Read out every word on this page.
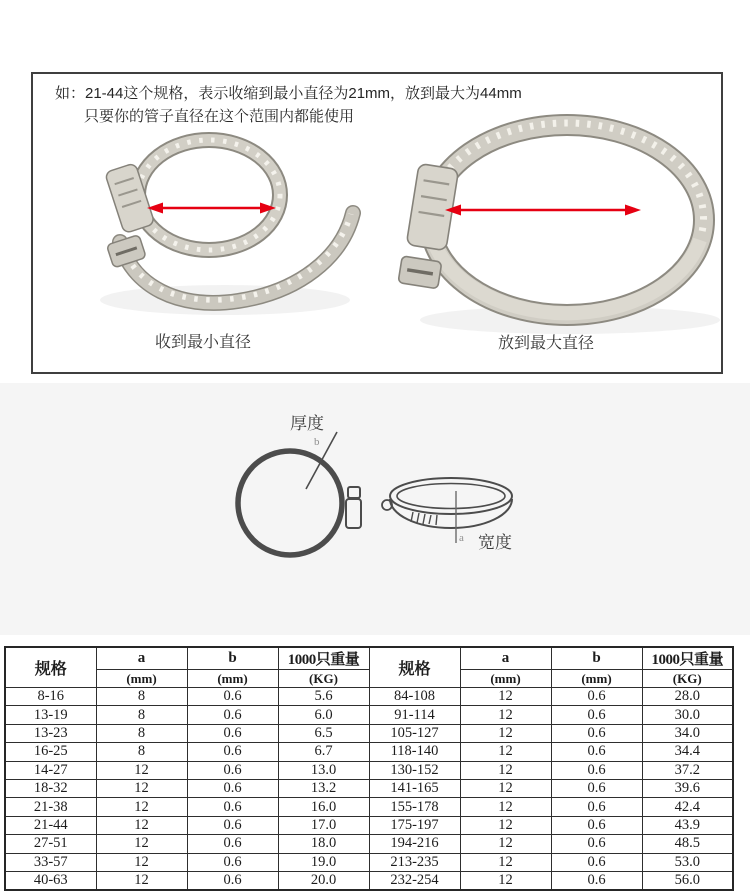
如：21-44这个规格，表示收缩到最小直径为21mm，放到最大为44mm
只要你的管子直径在这个范围内都能使用
收到最小直径	放到最大直径
厚度
b
宽度
a
规格	a	b	1000只重量	规格	a	b	1000只重量
	(mm)	(mm)	(KG)		(mm)	(mm)	(KG)
8-16	8	0.6	5.6	84-108	12	0.6	28.0
13-19	8	0.6	6.0	91-114	12	0.6	30.0
13-23	8	0.6	6.5	105-127	12	0.6	34.0
16-25	8	0.6	6.7	118-140	12	0.6	34.4
14-27	12	0.6	13.0	130-152	12	0.6	37.2
18-32	12	0.6	13.2	141-165	12	0.6	39.6
21-38	12	0.6	16.0	155-178	12	0.6	42.4
21-44	12	0.6	17.0	175-197	12	0.6	43.9
27-51	12	0.6	18.0	194-216	12	0.6	48.5
33-57	12	0.6	19.0	213-235	12	0.6	53.0
40-63	12	0.6	20.0	232-254	12	0.6	56.0
